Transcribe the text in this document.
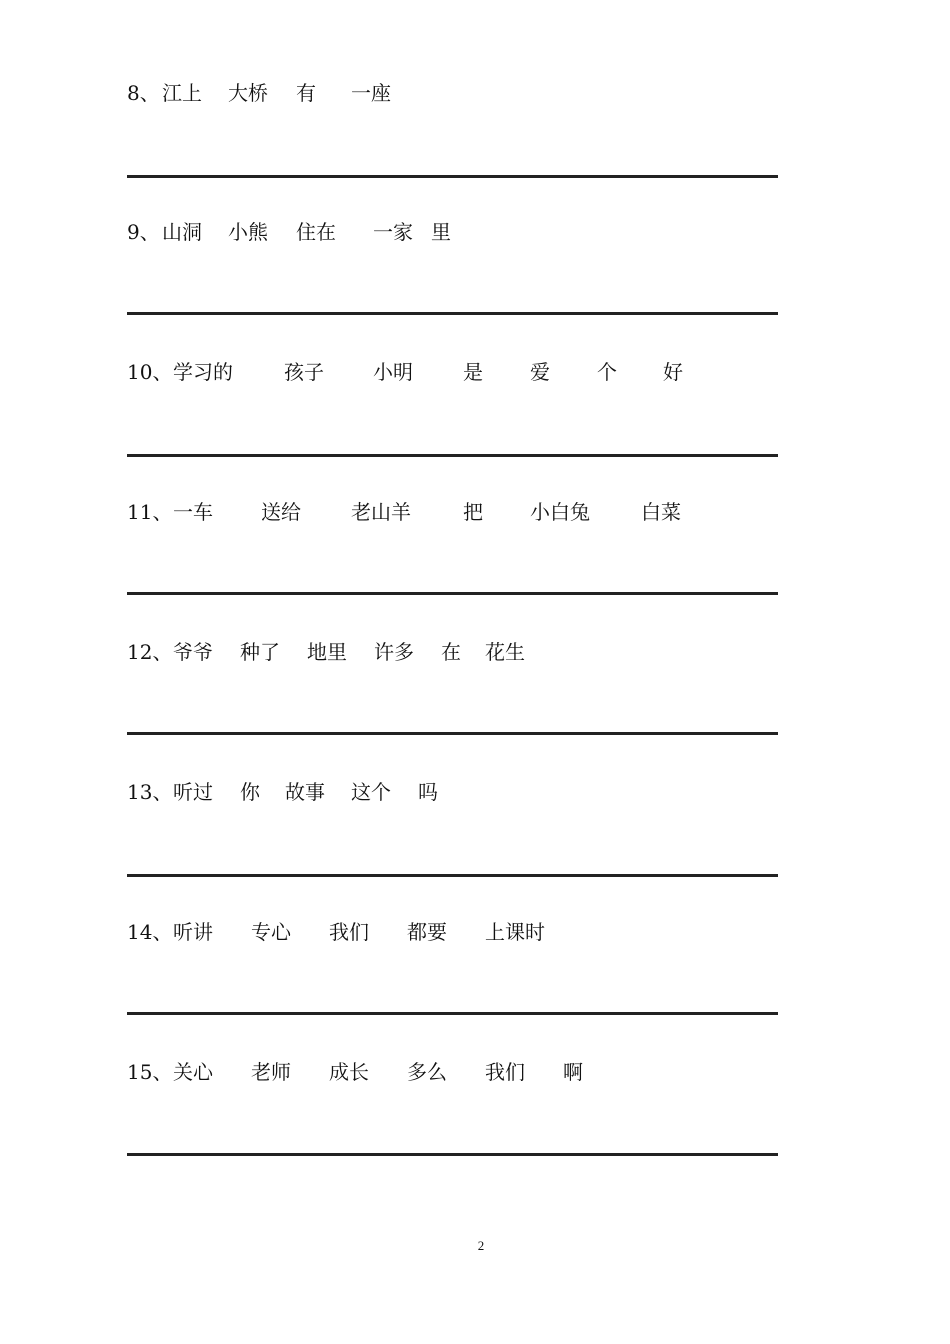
8、 江上 大桥 有 一座
9、 山洞 小熊 住在 一家 里
10、 学习的	孩子 小明	是 爱 个 好
11、 一车 送给	老山羊	把 小白兔	白菜
12、 爷爷 种了 地里 许多 在 花生
13、 听过 你 故事 这个 吗
14、 听讲 专心 我们 都要 上课时
15、 关心 老师 成长 多么 我们 啊
2
